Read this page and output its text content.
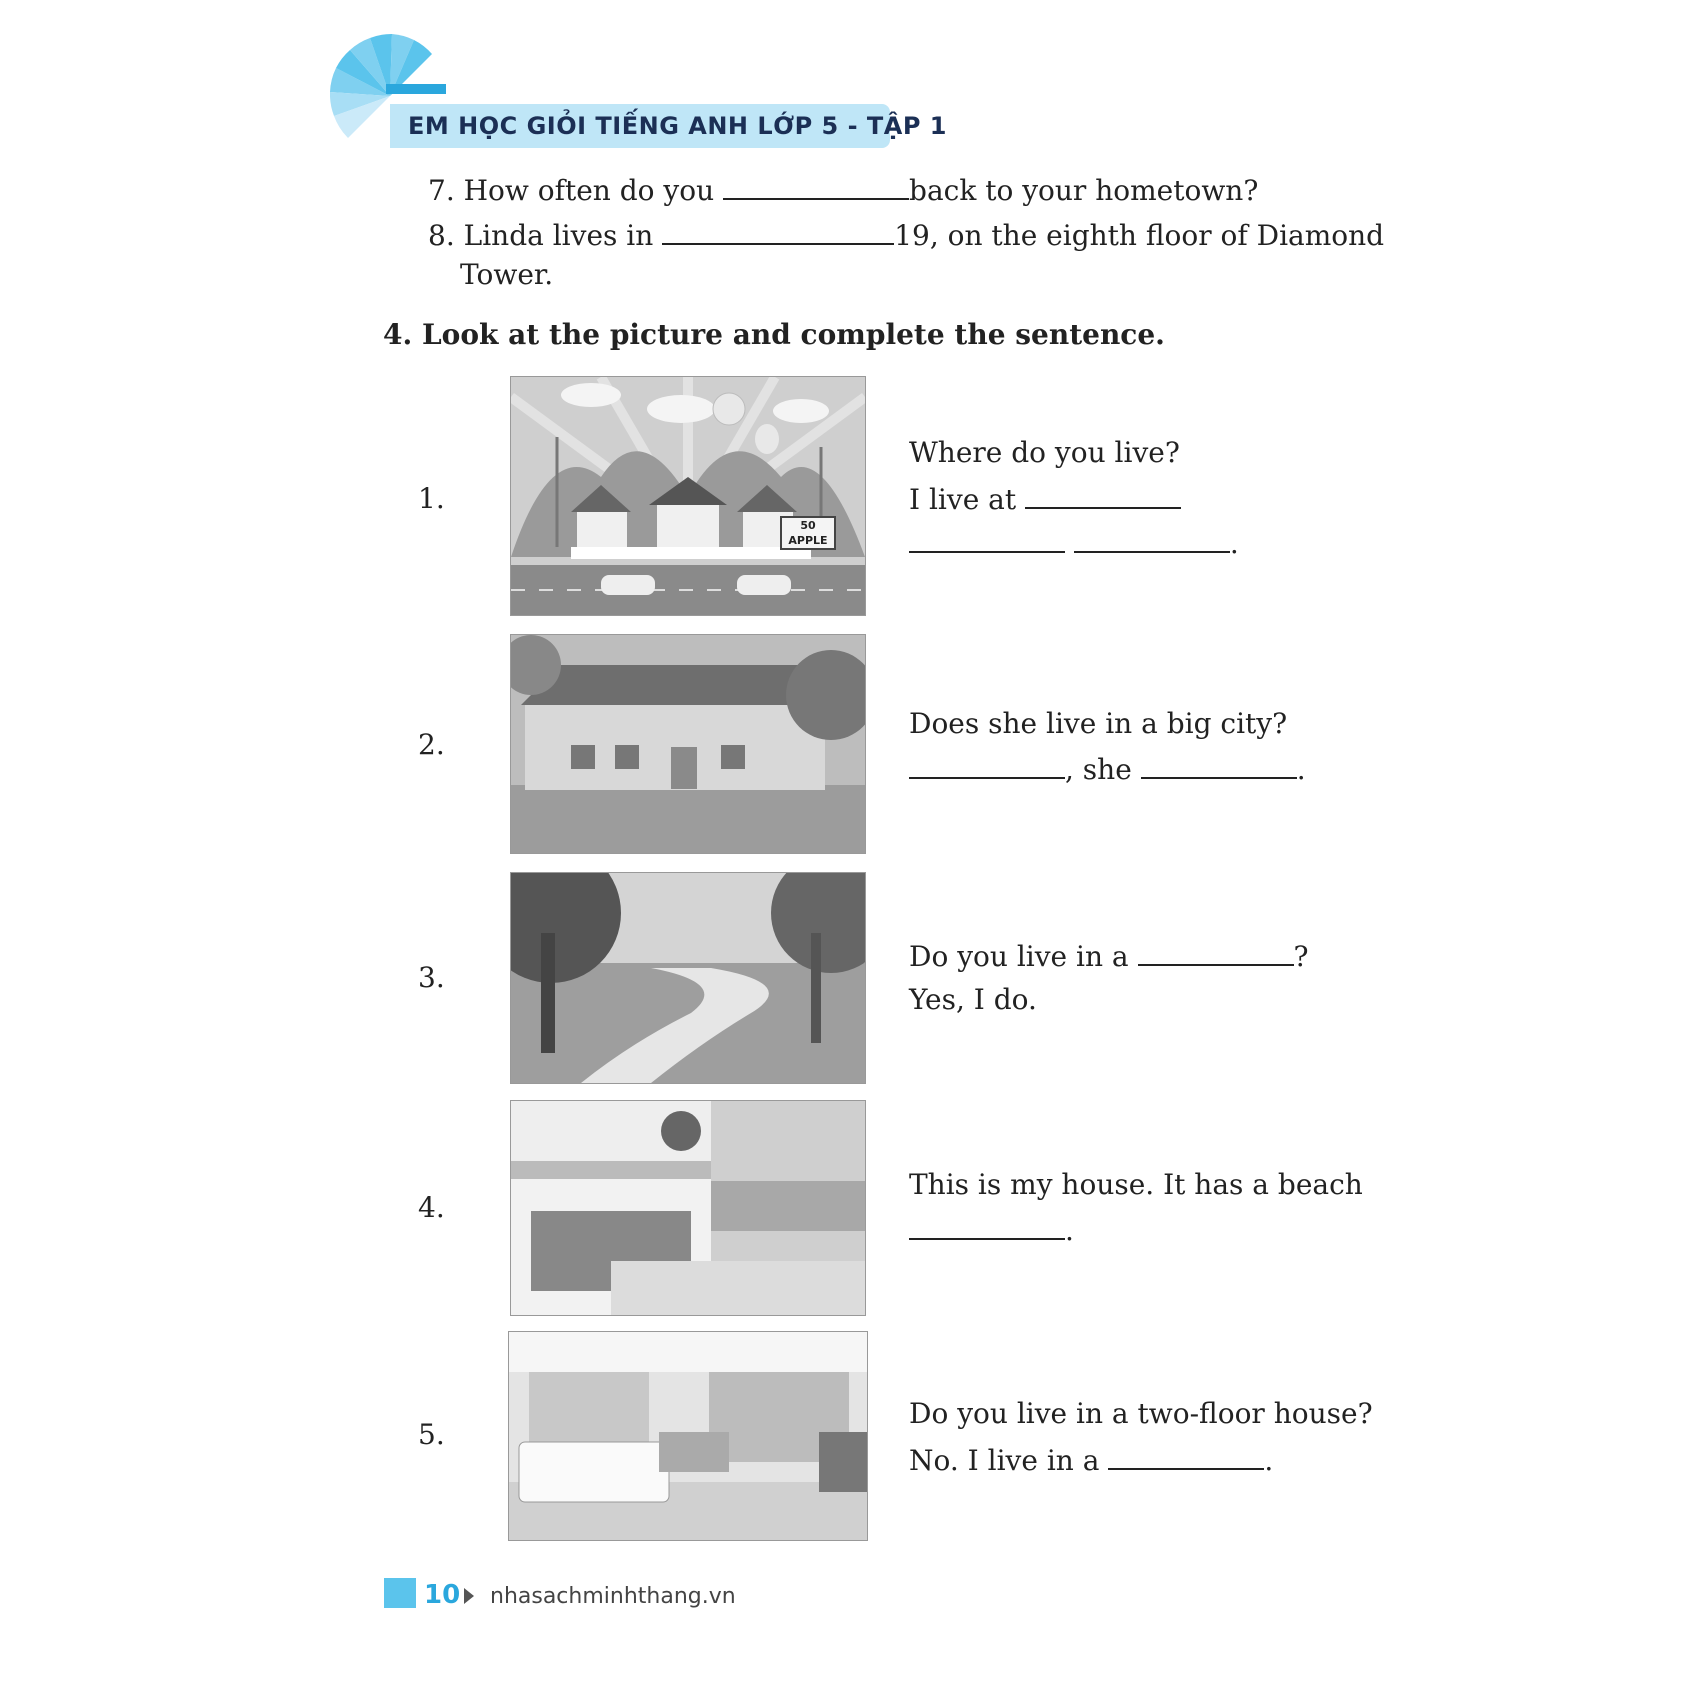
EM HỌC GIỎI TIẾNG ANH LỚP 5 - TẬP 1
7. How often do you	back to your hometown?
8. Linda lives in	19, on the eighth floor of Diamond
Tower.
4. Look at the picture and complete the sentence.
1.
50
APPLE
Where do you live?
I live at
.
2.
Does she live in a big city?
, she	.
3.
Do you live in a	?
Yes, I do.
4.
This is my house. It has a beach
.
5.
Do you live in a two-floor house?
No. I live in a	.
10 nhasachminhthang.vn
